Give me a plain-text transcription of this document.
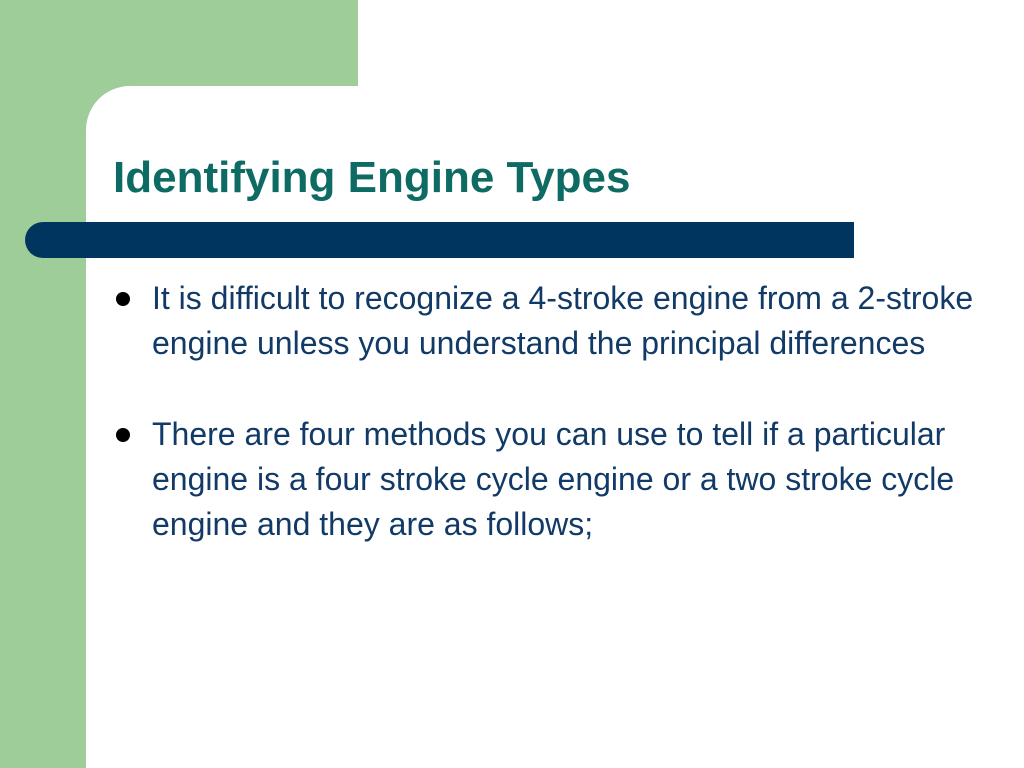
Identifying Engine Types
It is difficult to recognize a 4-stroke engine from a 2-stroke engine unless you understand the principal differences
There are four methods you can use to tell if a particular engine is a four stroke cycle engine or a two stroke cycle engine and they are as follows;
